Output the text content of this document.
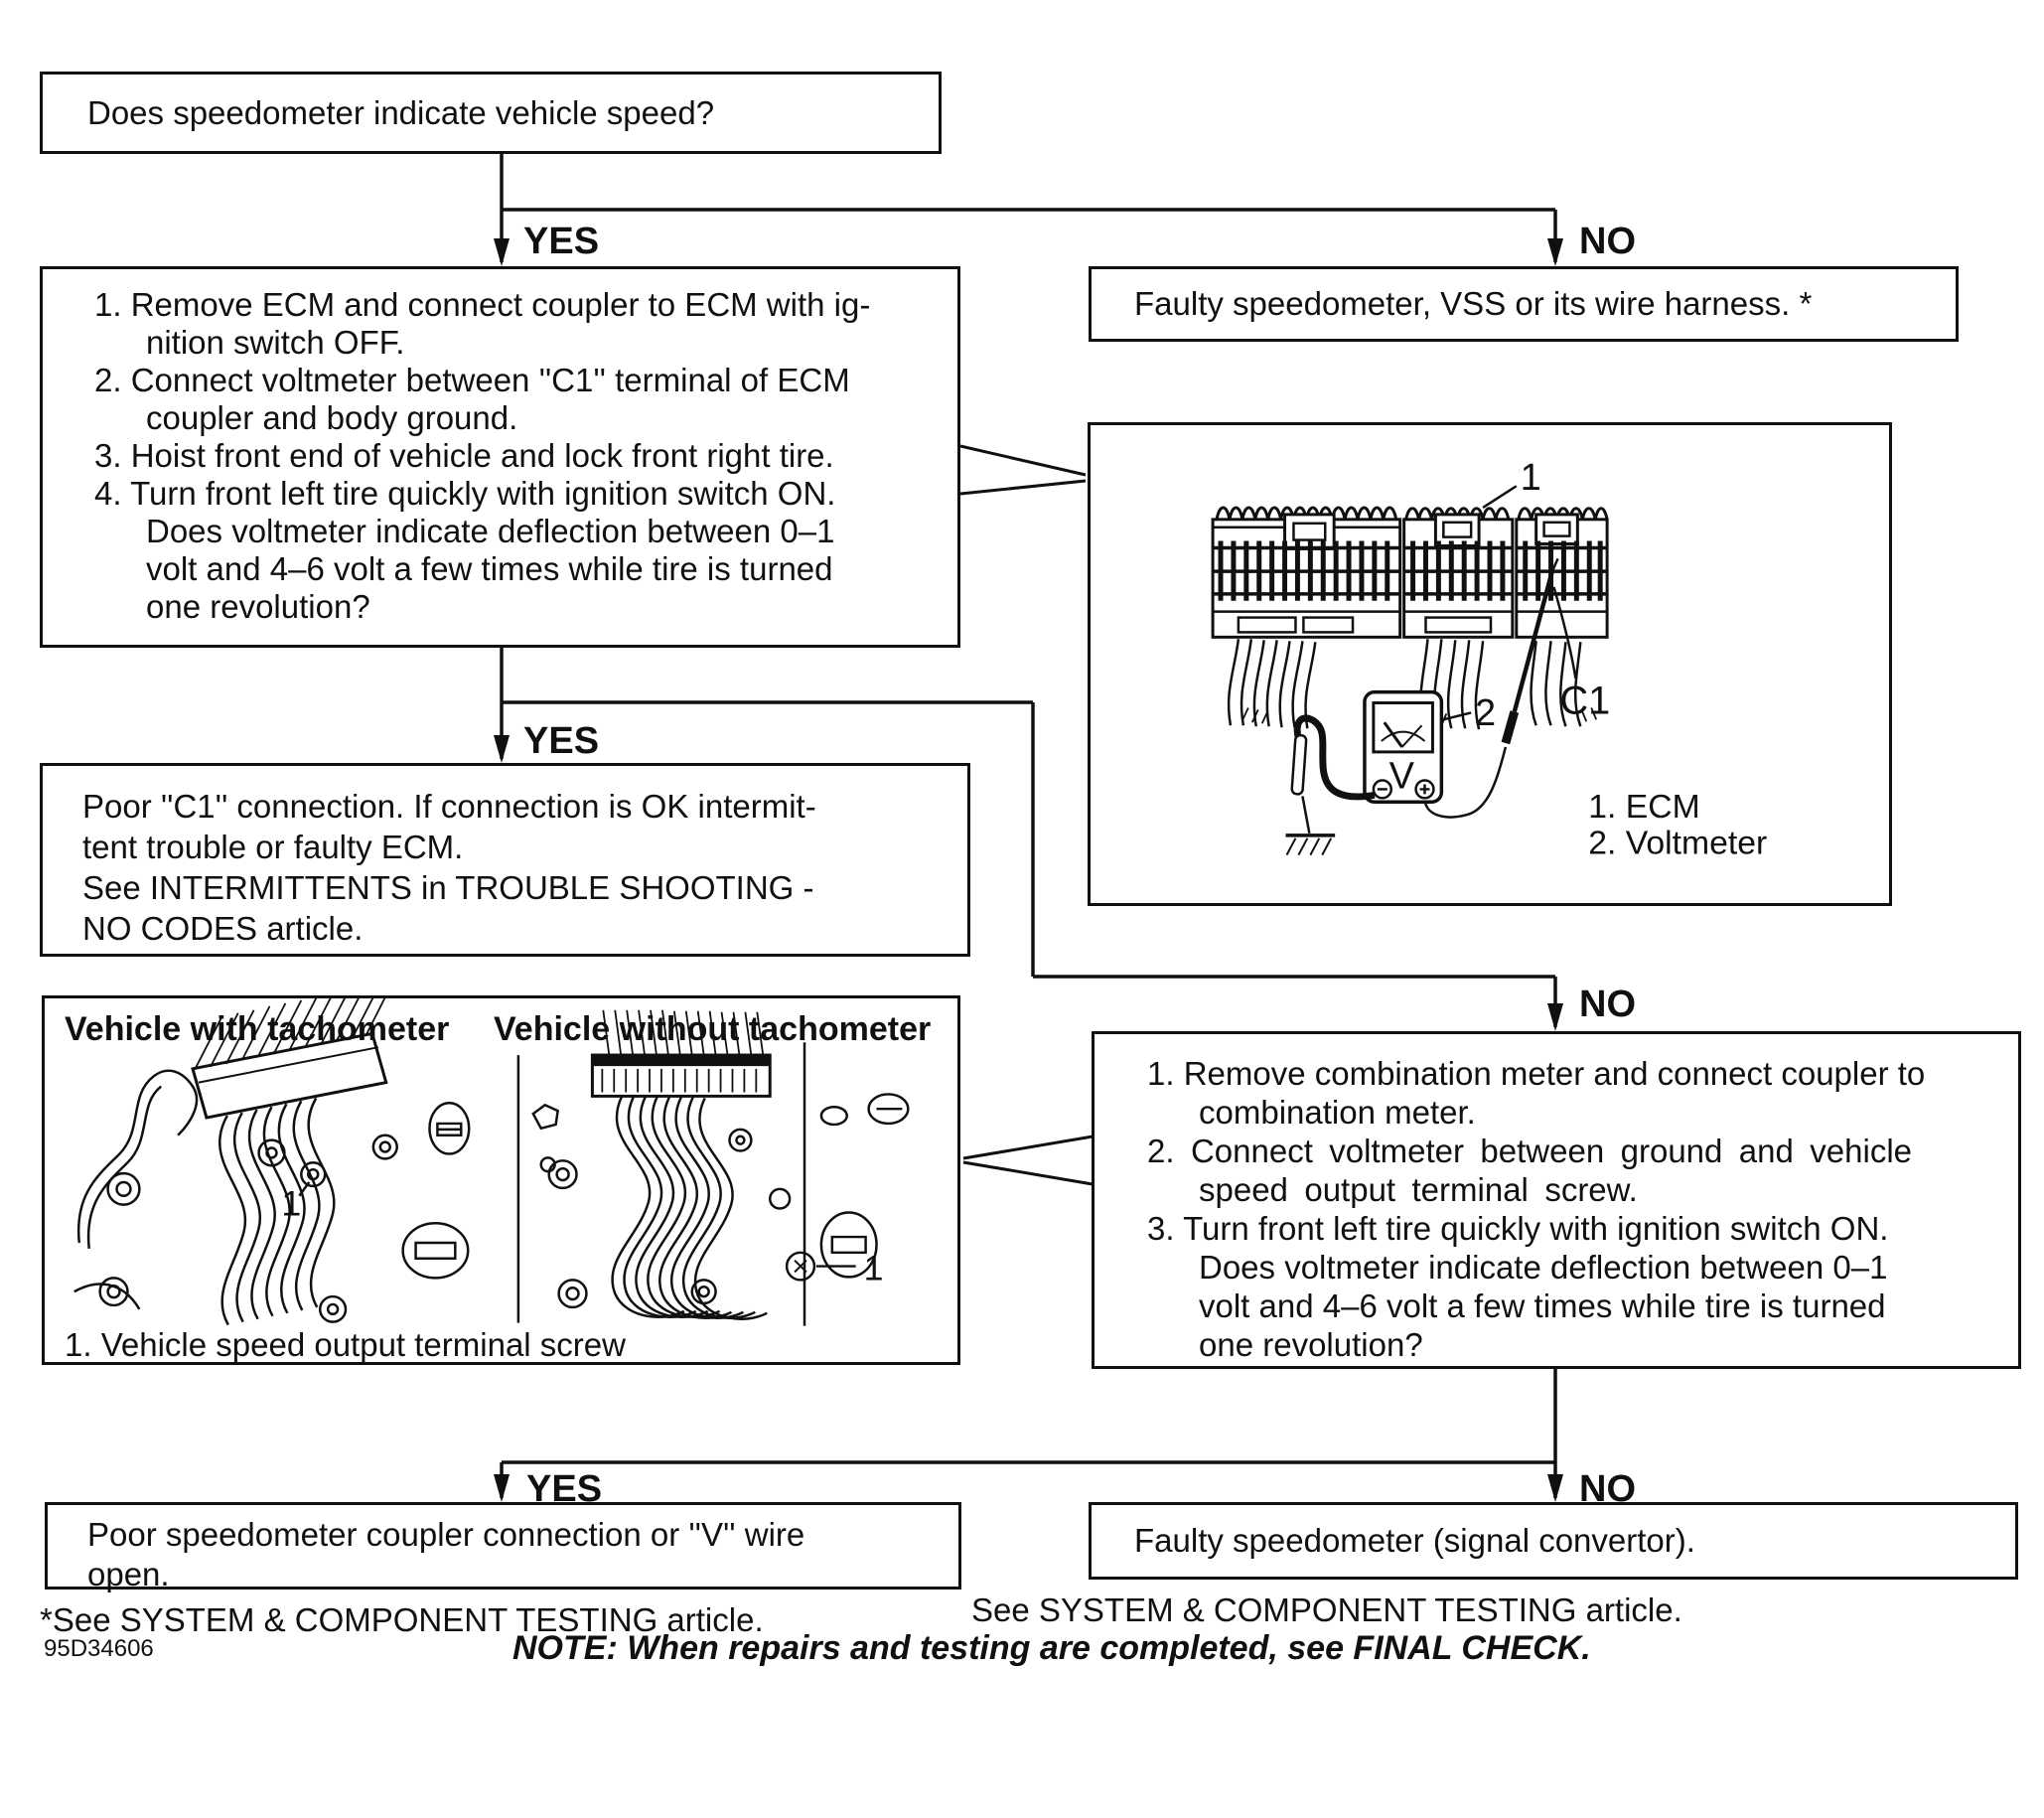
YES	NO
YES
NO
YES	NO
Does speedometer indicate vehicle speed?
1. Remove ECM and connect coupler to ECM with ig-
nition switch OFF.
2. Connect voltmeter between ''C1'' terminal of ECM
coupler and body ground.
3. Hoist front end of vehicle and lock front right tire.
4. Turn front left tire quickly with ignition switch ON.
Does voltmeter indicate deflection between 0–1
volt and 4–6 volt a few times while tire is turned
one revolution?
Faulty speedometer, VSS or its wire harness. *
1
2 C1
V
1. ECM
2. Voltmeter
Poor ''C1'' connection. If connection is OK intermit-
tent trouble or faulty ECM.
See INTERMITTENTS in TROUBLE SHOOTING -
NO CODES article.
Vehicle with tachometer Vehicle without tachometer
1. Vehicle speed output terminal screw
1
1
1. Remove combination meter and connect coupler to
combination meter.
2. Connect voltmeter between ground and vehicle
speed output terminal screw.
3. Turn front left tire quickly with ignition switch ON.
Does voltmeter indicate deflection between 0–1
volt and 4–6 volt a few times while tire is turned
one revolution?
Poor speedometer coupler connection or ''V'' wire
open.
Faulty speedometer (signal convertor).
*See SYSTEM & COMPONENT TESTING article.	See SYSTEM & COMPONENT TESTING article.
NOTE: When repairs and testing are completed, see FINAL CHECK.
95D34606
